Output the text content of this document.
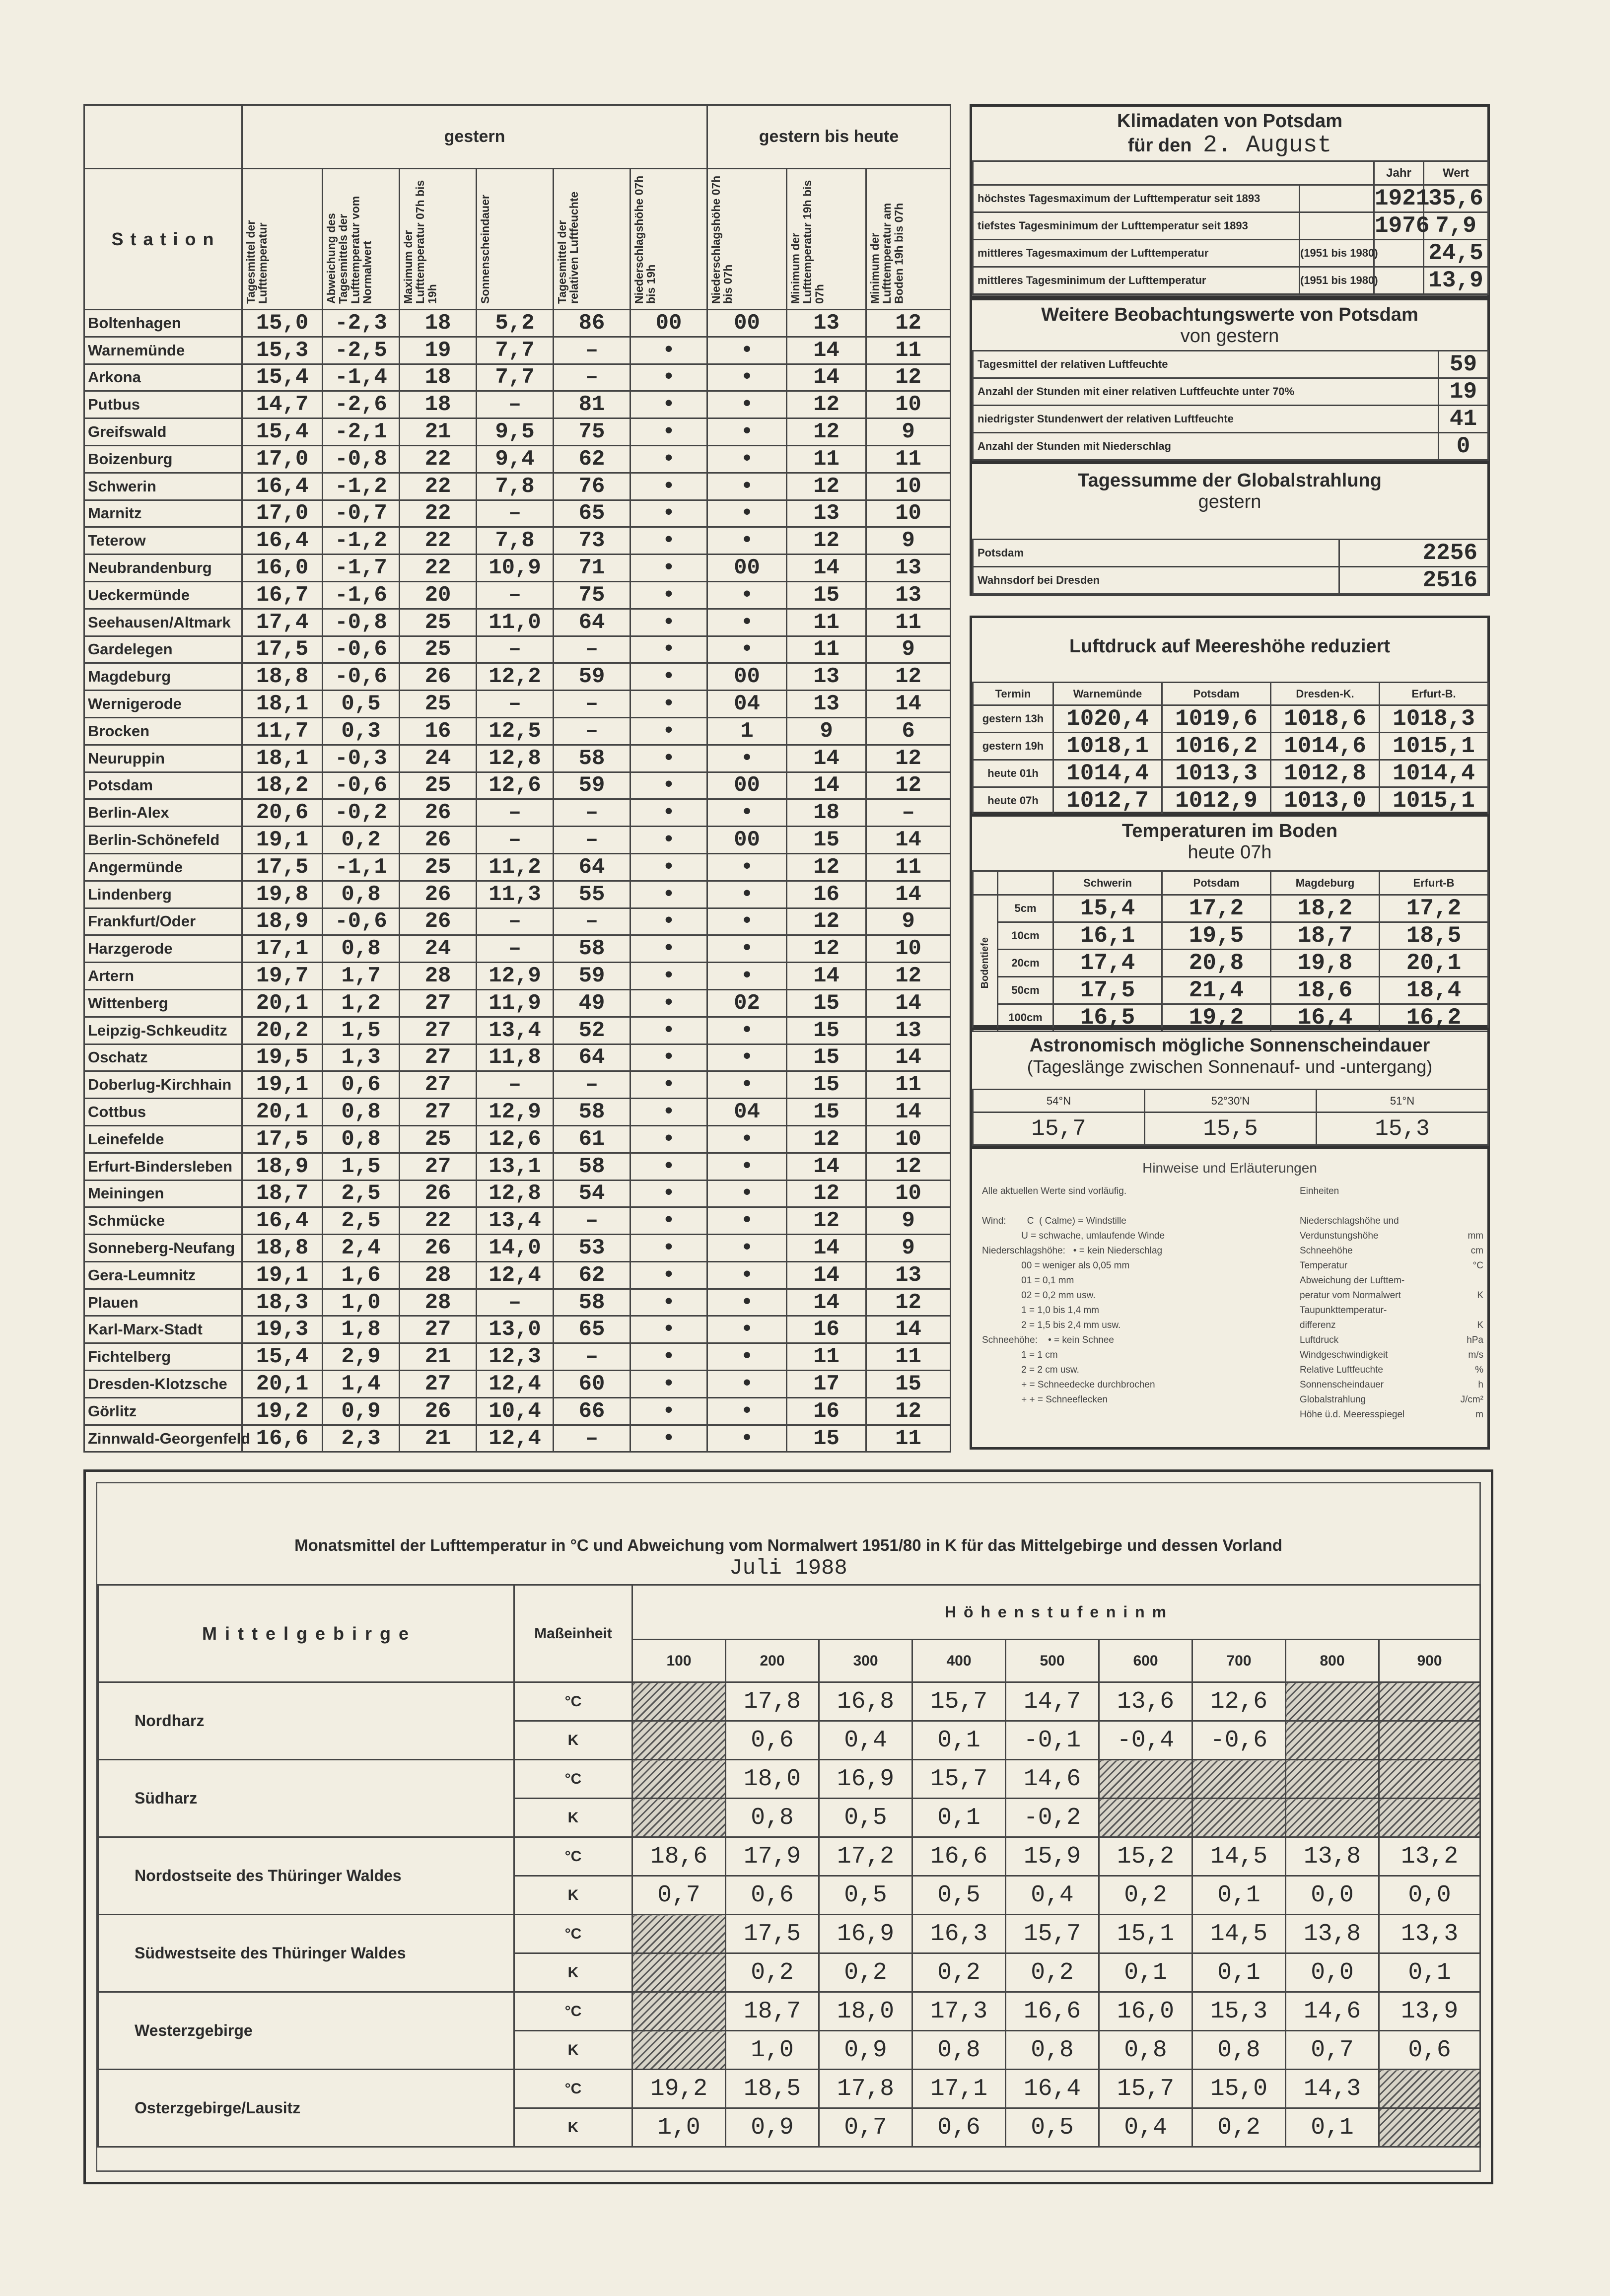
	gestern						gestern bis heute		
S t a t i o n	Tagesmittel der Lufttemperatur	Abweichung des Tagesmittels der Lufttemperatur vom Normalwert	Maximum der Lufttemperatur 07h bis 19h	Sonnenscheindauer	Tagesmittel der relativen Luftfeuchte	Niederschlagshöhe 07h bis 19h	Niederschlagshöhe 07h bis 07h	Minimum der Lufttemperatur 19h bis 07h	Minimum der Lufttemperatur am Boden 19h bis 07h

Boltenhagen	15,0	-2,3	18	5,2	86	00	00	13	12
Warnemünde	15,3	-2,5	19	7,7	–	•	•	14	11
Arkona	15,4	-1,4	18	7,7	–	•	•	14	12
Putbus	14,7	-2,6	18	–	81	•	•	12	10
Greifswald	15,4	-2,1	21	9,5	75	•	•	12	9
Boizenburg	17,0	-0,8	22	9,4	62	•	•	11	11
Schwerin	16,4	-1,2	22	7,8	76	•	•	12	10
Marnitz	17,0	-0,7	22	–	65	•	•	13	10
Teterow	16,4	-1,2	22	7,8	73	•	•	12	9
Neubrandenburg	16,0	-1,7	22	10,9	71	•	00	14	13
Ueckermünde	16,7	-1,6	20	–	75	•	•	15	13
Seehausen/Altmark	17,4	-0,8	25	11,0	64	•	•	11	11
Gardelegen	17,5	-0,6	25	–	–	•	•	11	9
Magdeburg	18,8	-0,6	26	12,2	59	•	00	13	12
Wernigerode	18,1	0,5	25	–	–	•	04	13	14
Brocken	11,7	0,3	16	12,5	–	•	1	9	6
Neuruppin	18,1	-0,3	24	12,8	58	•	•	14	12
Potsdam	18,2	-0,6	25	12,6	59	•	00	14	12
Berlin-Alex	20,6	-0,2	26	–	–	•	•	18	–
Berlin-Schönefeld	19,1	0,2	26	–	–	•	00	15	14
Angermünde	17,5	-1,1	25	11,2	64	•	•	12	11
Lindenberg	19,8	0,8	26	11,3	55	•	•	16	14
Frankfurt/Oder	18,9	-0,6	26	–	–	•	•	12	9
Harzgerode	17,1	0,8	24	–	58	•	•	12	10
Artern	19,7	1,7	28	12,9	59	•	•	14	12
Wittenberg	20,1	1,2	27	11,9	49	•	02	15	14
Leipzig-Schkeuditz	20,2	1,5	27	13,4	52	•	•	15	13
Oschatz	19,5	1,3	27	11,8	64	•	•	15	14
Doberlug-Kirchhain	19,1	0,6	27	–	–	•	•	15	11
Cottbus	20,1	0,8	27	12,9	58	•	04	15	14
Leinefelde	17,5	0,8	25	12,6	61	•	•	12	10
Erfurt-Bindersleben	18,9	1,5	27	13,1	58	•	•	14	12
Meiningen	18,7	2,5	26	12,8	54	•	•	12	10
Schmücke	16,4	2,5	22	13,4	–	•	•	12	9
Sonneberg-Neufang	18,8	2,4	26	14,0	53	•	•	14	9
Gera-Leumnitz	19,1	1,6	28	12,4	62	•	•	14	13
Plauen	18,3	1,0	28	–	58	•	•	14	12
Karl-Marx-Stadt	19,3	1,8	27	13,0	65	•	•	16	14
Fichtelberg	15,4	2,9	21	12,3	–	•	•	11	11
Dresden-Klotzsche	20,1	1,4	27	12,4	60	•	•	17	15
Görlitz	19,2	0,9	26	10,4	66	•	•	16	12
Zinnwald-Georgenfeld	16,6	2,3	21	12,4	–	•	•	15	11
Klimadaten von Potsdam
für den 2. August
		Jahr	Wert
höchstes Tagesmaximum der Lufttemperatur seit 1893		1921	35,6
tiefstes Tagesminimum der Lufttemperatur seit 1893		1976	7,9
mittleres Tagesmaximum der Lufttemperatur	(1951 bis 1980)		24,5
mittleres Tagesminimum der Lufttemperatur	(1951 bis 1980)		13,9
Weitere Beobachtungswerte von Potsdam
von gestern
Tagesmittel der relativen Luftfeuchte	59
Anzahl der Stunden mit einer relativen Luftfeuchte unter 70%	19
niedrigster Stundenwert der relativen Luftfeuchte	41
Anzahl der Stunden mit Niederschlag	0
Tagessumme der Globalstrahlung
gestern
Potsdam	2256
Wahnsdorf bei Dresden	2516
Luftdruck auf Meereshöhe reduziert
Termin	Warnemünde	Potsdam	Dresden-K.	Erfurt-B.
gestern 13h	1020,4	1019,6	1018,6	1018,3
gestern 19h	1018,1	1016,2	1014,6	1015,1
heute 01h	1014,4	1013,3	1012,8	1014,4
heute 07h	1012,7	1012,9	1013,0	1015,1
Temperaturen im Boden
heute 07h
		Schwerin	Potsdam	Magdeburg	Erfurt-B

Bodentiefe	5cm	15,4	17,2	18,2	17,2
	10cm	16,1	19,5	18,7	18,5
	20cm	17,4	20,8	19,8	20,1
	50cm	17,5	21,4	18,6	18,4
	100cm	16,5	19,2	16,4	16,2
Astronomisch mögliche Sonnenscheindauer
(Tageslänge zwischen Sonnenauf- und -untergang)
54°N	52°30'N	51°N
15,7	15,5	15,3
Hinweise und Erläuterungen
Alle aktuellen Werte sind vorläufig.
Wind:        C  ( Calme) = Windstille
U = schwache, umlaufende Winde
Niederschlagshöhe:   • = kein Niederschlag
00 = weniger als 0,05 mm
01 = 0,1 mm
02 = 0,2 mm usw.
1 = 1,0 bis 1,4 mm
2 = 1,5 bis 2,4 mm usw.
Schneehöhe:    • = kein Schnee
1 = 1 cm
2 = 2 cm usw.
+ = Schneedecke durchbrochen
+ + = Schneeflecken
Einheiten
Niederschlagshöhe und
Verdunstungshöhe	mm
Schneehöhe	cm
Temperatur	°C
Abweichung der Lufttem-
peratur vom Normalwert	K
Taupunkttemperatur-
differenz	K
Luftdruck	hPa
Windgeschwindigkeit	m/s
Relative Luftfeuchte	%
Sonnenscheindauer	h
Globalstrahlung	J/cm²
Höhe ü.d. Meeresspiegel	m
Monatsmittel der Lufttemperatur in °C und Abweichung vom Normalwert 1951/80 in K für das Mittelgebirge und dessen Vorland
Juli 1988
M i t t e l g e b i r g e	Maßeinheit	H ö h e n s t u f e n i n m								
		100	200	300	400	500	600	700	800	900
Nordharz	°C		17,8	16,8	15,7	14,7	13,6	12,6		
	K		0,6	0,4	0,1	-0,1	-0,4	-0,6		
Südharz	°C		18,0	16,9	15,7	14,6				
	K		0,8	0,5	0,1	-0,2				
Nordostseite des Thüringer Waldes	°C	18,6	17,9	17,2	16,6	15,9	15,2	14,5	13,8	13,2
	K	0,7	0,6	0,5	0,5	0,4	0,2	0,1	0,0	0,0
Südwestseite des Thüringer Waldes	°C		17,5	16,9	16,3	15,7	15,1	14,5	13,8	13,3
	K		0,2	0,2	0,2	0,2	0,1	0,1	0,0	0,1
Westerzgebirge	°C		18,7	18,0	17,3	16,6	16,0	15,3	14,6	13,9
	K		1,0	0,9	0,8	0,8	0,8	0,8	0,7	0,6
Osterzgebirge/Lausitz	°C	19,2	18,5	17,8	17,1	16,4	15,7	15,0	14,3	
	K	1,0	0,9	0,7	0,6	0,5	0,4	0,2	0,1	
